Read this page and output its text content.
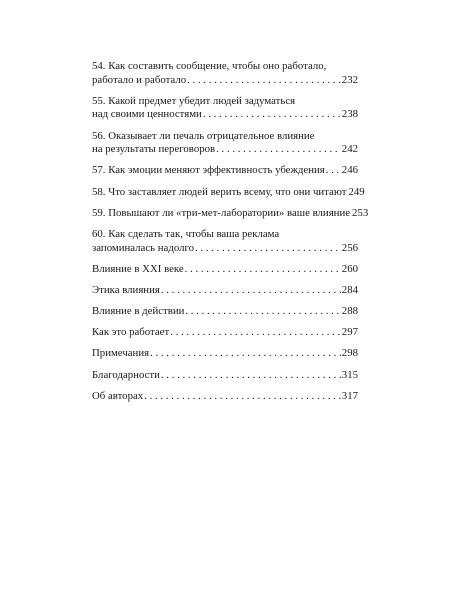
54. Как составить сообщение, чтобы оно работало,
работало и работало . . .	232
55. Какой предмет убедит людей задуматься
над своими ценностями . . .	238
56. Оказывает ли печаль отрицательное влияние
на результаты переговоров . . .	242
57. Как эмоции меняют эффективность убеждения . . . 246
58. Что заставляет людей верить всему, что они читают 249
59. Повышают ли «три-мет-лаборатории» ваше влияние 253
60. Как сделать так, чтобы ваша реклама
запоминалась надолго . . .	256
Влияние в XXI веке . . .	260
Этика влияния . . .	284
Влияние в действии . . .	288
Как это работает . . .	297
Примечания . . .	298
Благодарности . . .	315
Об авторах . . .	317
